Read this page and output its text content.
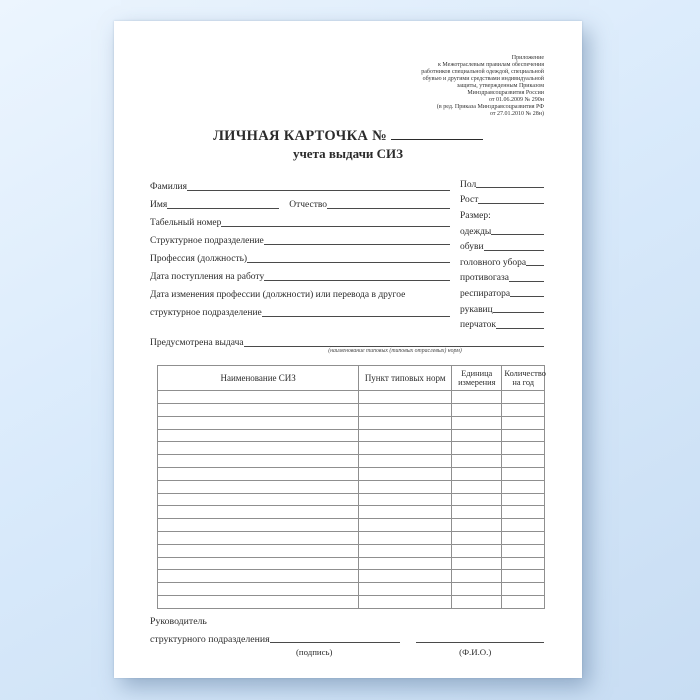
Приложение
к Межотраслевым правилам обеспечения
работников специальной одеждой, специальной
обувью и другими средствами индивидуальной
защиты, утвержденным Приказом
Минздравсоцразвития России
от 01.06.2009 № 290н
(в ред. Приказа Минздравсоцразвития РФ
от 27.01.2010 № 28н)
ЛИЧНАЯ КАРТОЧКА №
учета выдачи СИЗ
Фамилия
Имя	Отчество
Табельный номер
Структурное подразделение
Профессия (должность)
Дата поступления на работу
Дата изменения профессии (должности) или перевода в другое
структурное подразделение
Пол
Рост
Размер:
одежды
обуви
головного убора
противогаза
респиратора
рукавиц
перчаток
Предусмотрена выдача
(наименование типовых (типовых отраслевых) норм)
Наименование СИЗ	Пункт типовых норм	Единица измерения	Количество на год

Руководитель
структурного подразделения
(подпись)	(Ф.И.О.)
